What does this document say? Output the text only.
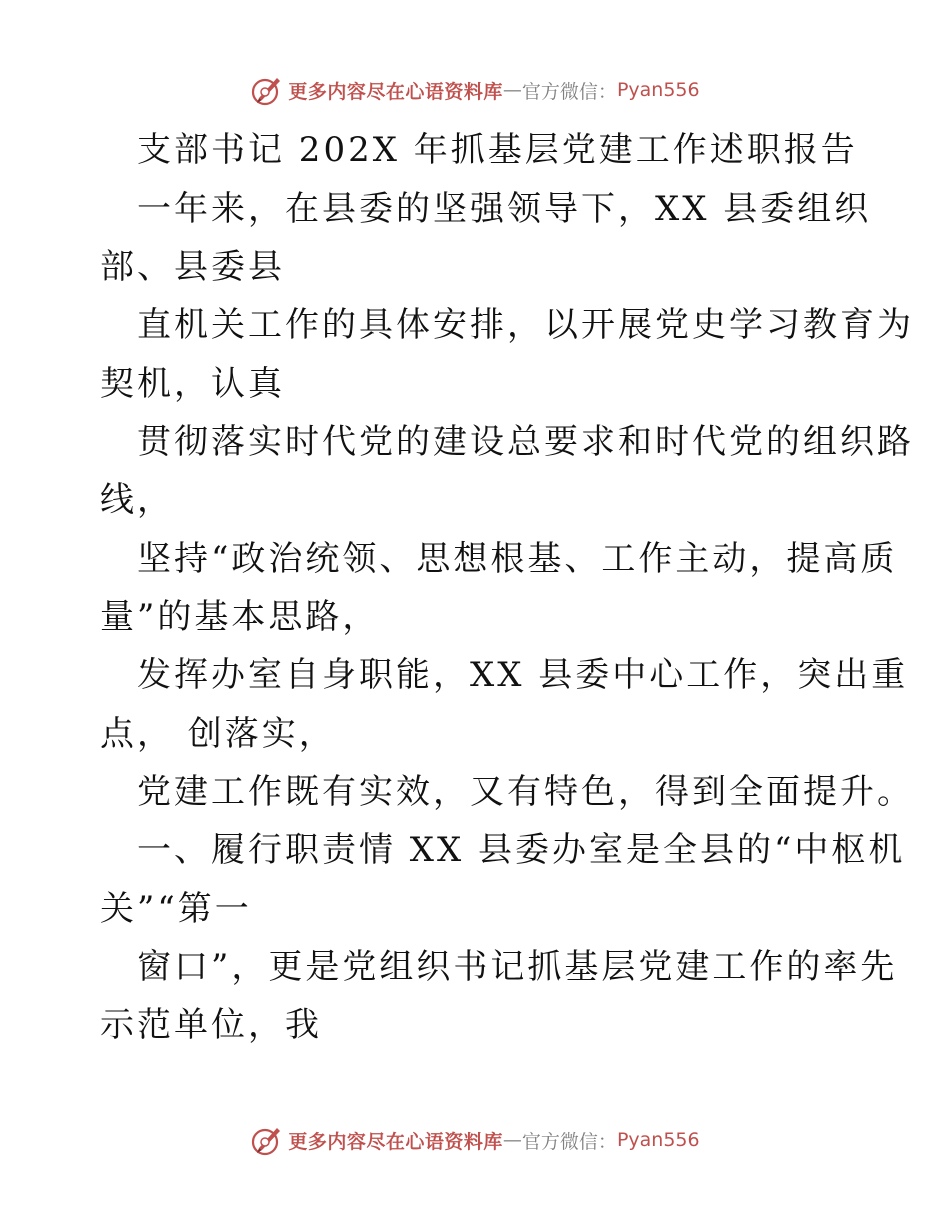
更多内容尽在心语资料库 — 官方微信： Pyan556
支部书记 202X 年抓基层党建工作述职报告
一年来，在县委的坚强领导下，XX 县委组织
部、县委县
直机关工作的具体安排，以开展党史学习教育为
契机，认真
贯彻落实时代党的建设总要求和时代党的组织路
线，
坚持“政治统领、思想根基、工作主动，提高质
量”的基本思路，
发挥办室自身职能，XX 县委中心工作，突出重
点， 创落实，
党建工作既有实效，又有特色，得到全面提升。
一、履行职责情 XX 县委办室是全县的“中枢机
关”“第一
窗口”，更是党组织书记抓基层党建工作的率先
示范单位，我
更多内容尽在心语资料库 — 官方微信： Pyan556
